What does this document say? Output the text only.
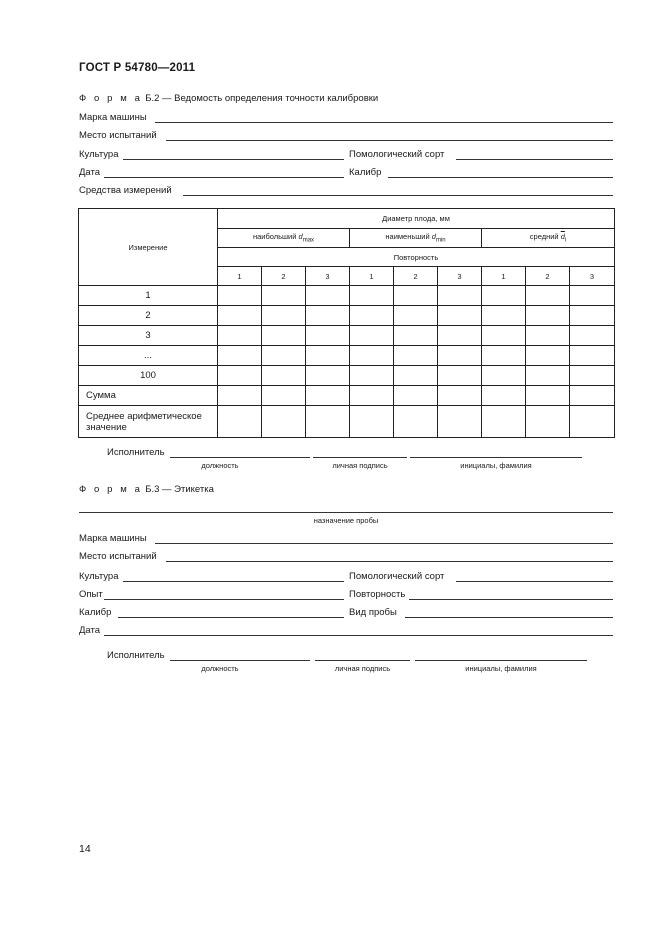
ГОСТ Р 54780—2011
Ф о р м а Б.2 — Ведомость определения точности калибровки
Марка машины
Место испытаний
Культура	Помологический сорт
Дата	Калибр
Средства измерений
Измерение	Диаметр плода, мм								
	наибольший $d_{max}$			наименьший $d_{min}$			средний $\overline{d}_i$
	Повторность								
	1	2	3	1	2	3	1	2	3
1									
2									
3									
...									
100									
Сумма									
Среднее арифметическое значение									
Исполнитель
должность	личная подпись	инициалы, фамилия
Ф о р м а Б.3 — Этикетка
назначение пробы
Марка машины
Место испытаний
Культура	Помологический сорт
Опыт	Повторность
Калибр	Вид пробы
Дата
Исполнитель
должность	личная подпись	инициалы, фамилия
14
